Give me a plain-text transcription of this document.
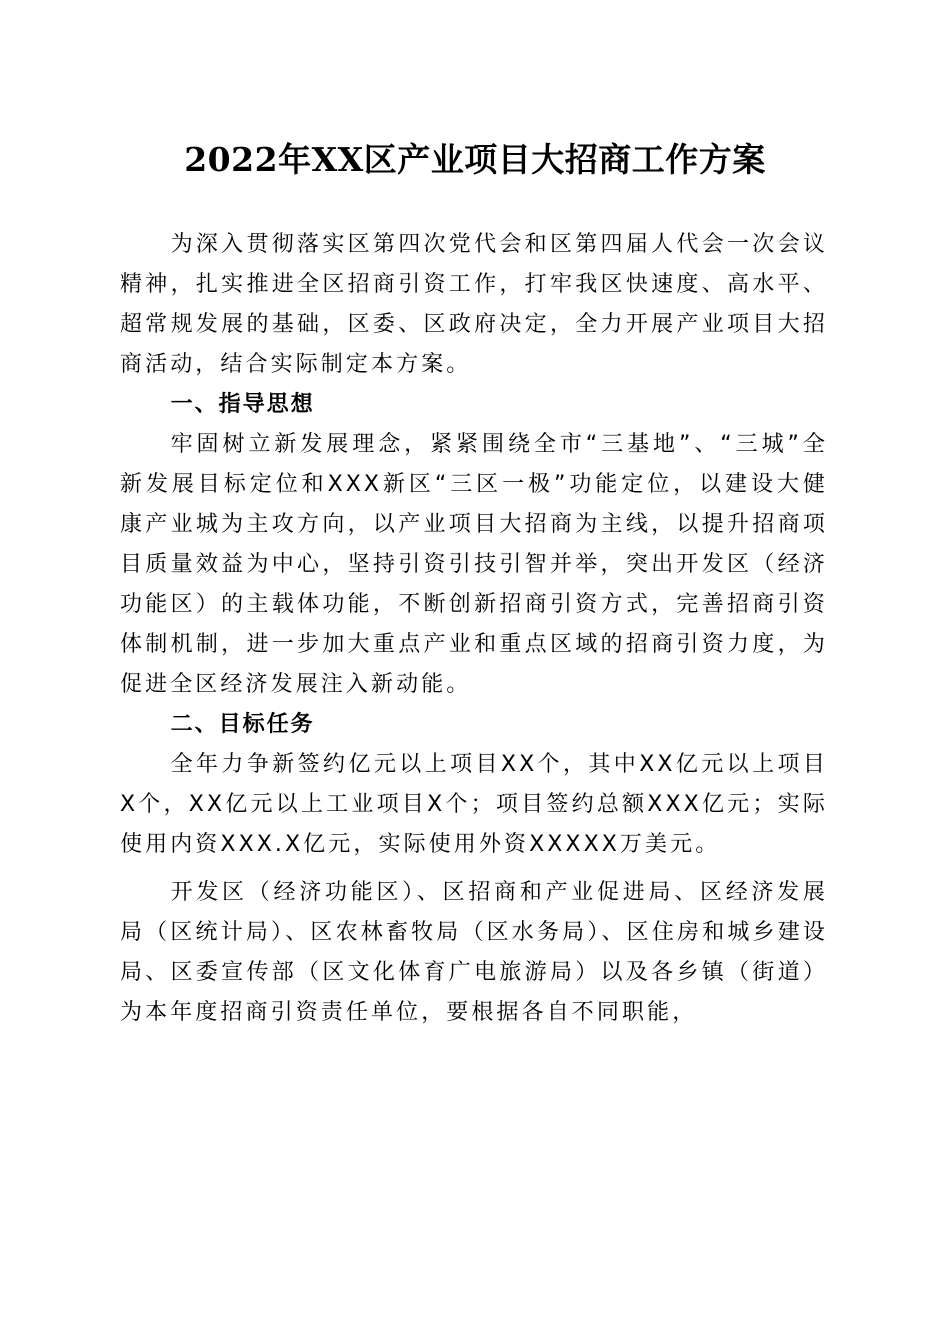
2022年XX区产业项目大招商工作方案

为深入贯彻落实区第四次党代会和区第四届人代会一次会议精神，扎实推进全区招商引资工作，打牢我区快速度、高水平、超常规发展的基础，区委、区政府决定，全力开展产业项目大招商活动，结合实际制定本方案。

一、指导思想

牢固树立新发展理念，紧紧围绕全市“三基地”、“三城”全新发展目标定位和XXX新区“三区一极”功能定位，以建设大健康产业城为主攻方向，以产业项目大招商为主线，以提升招商项目质量效益为中心，坚持引资引技引智并举，突出开发区（经济功能区）的主载体功能，不断创新招商引资方式，完善招商引资体制机制，进一步加大重点产业和重点区域的招商引资力度，为促进全区经济发展注入新动能。

二、目标任务

全年力争新签约亿元以上项目XX个，其中XX亿元以上项目X个，XX亿元以上工业项目X个；项目签约总额XXX亿元；实际使用内资XXX.X亿元，实际使用外资XXXXX万美元。

开发区（经济功能区）、区招商和产业促进局、区经济发展局（区统计局）、区农林畜牧局（区水务局）、区住房和城乡建设局、区委宣传部（区文化体育广电旅游局）以及各乡镇（街道）为本年度招商引资责任单位，要根据各自不同职能，
